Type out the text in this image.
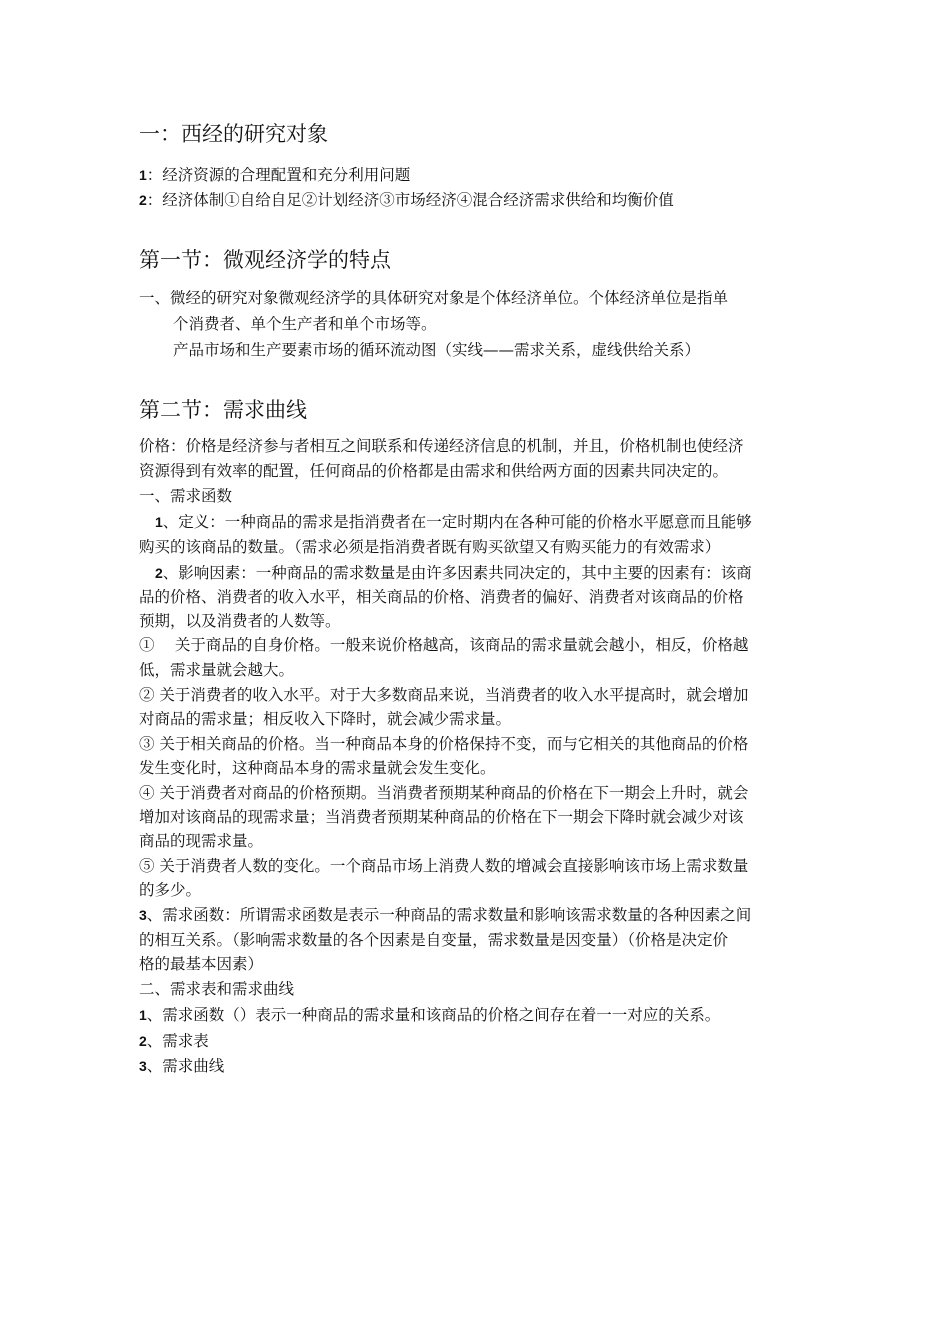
一：西经的研究对象
1：经济资源的合理配置和充分利用问题
2：经济体制①自给自足②计划经济③市场经济④混合经济需求供给和均衡价值
第一节：微观经济学的特点
一、微经的研究对象微观经济学的具体研究对象是个体经济单位。个体经济单位是指单
个消费者、单个生产者和单个市场等。
产品市场和生产要素市场的循环流动图（实线——需求关系，虚线供给关系）
第二节：需求曲线
价格：价格是经济参与者相互之间联系和传递经济信息的机制，并且，价格机制也使经济
资源得到有效率的配置，任何商品的价格都是由需求和供给两方面的因素共同决定的。
一、需求函数
1、定义：一种商品的需求是指消费者在一定时期内在各种可能的价格水平愿意而且能够
购买的该商品的数量。（需求必须是指消费者既有购买欲望又有购买能力的有效需求）
2、影响因素：一种商品的需求数量是由许多因素共同决定的，其中主要的因素有：该商
品的价格、消费者的收入水平，相关商品的价格、消费者的偏好、消费者对该商品的价格
预期，以及消费者的人数等。
①　 关于商品的自身价格。一般来说价格越高，该商品的需求量就会越小，相反，价格越
低，需求量就会越大。
② 关于消费者的收入水平。对于大多数商品来说，当消费者的收入水平提高时，就会增加
对商品的需求量；相反收入下降时，就会减少需求量。
③ 关于相关商品的价格。当一种商品本身的价格保持不变，而与它相关的其他商品的价格
发生变化时，这种商品本身的需求量就会发生变化。
④ 关于消费者对商品的价格预期。当消费者预期某种商品的价格在下一期会上升时，就会
增加对该商品的现需求量；当消费者预期某种商品的价格在下一期会下降时就会减少对该
商品的现需求量。
⑤ 关于消费者人数的变化。一个商品市场上消费人数的增减会直接影响该市场上需求数量
的多少。
3、需求函数：所谓需求函数是表示一种商品的需求数量和影响该需求数量的各种因素之间
的相互关系。（影响需求数量的各个因素是自变量，需求数量是因变量）（价格是决定价
格的最基本因素）
二、需求表和需求曲线
1、需求函数（）表示一种商品的需求量和该商品的价格之间存在着一一对应的关系。
2、需求表
3、需求曲线
